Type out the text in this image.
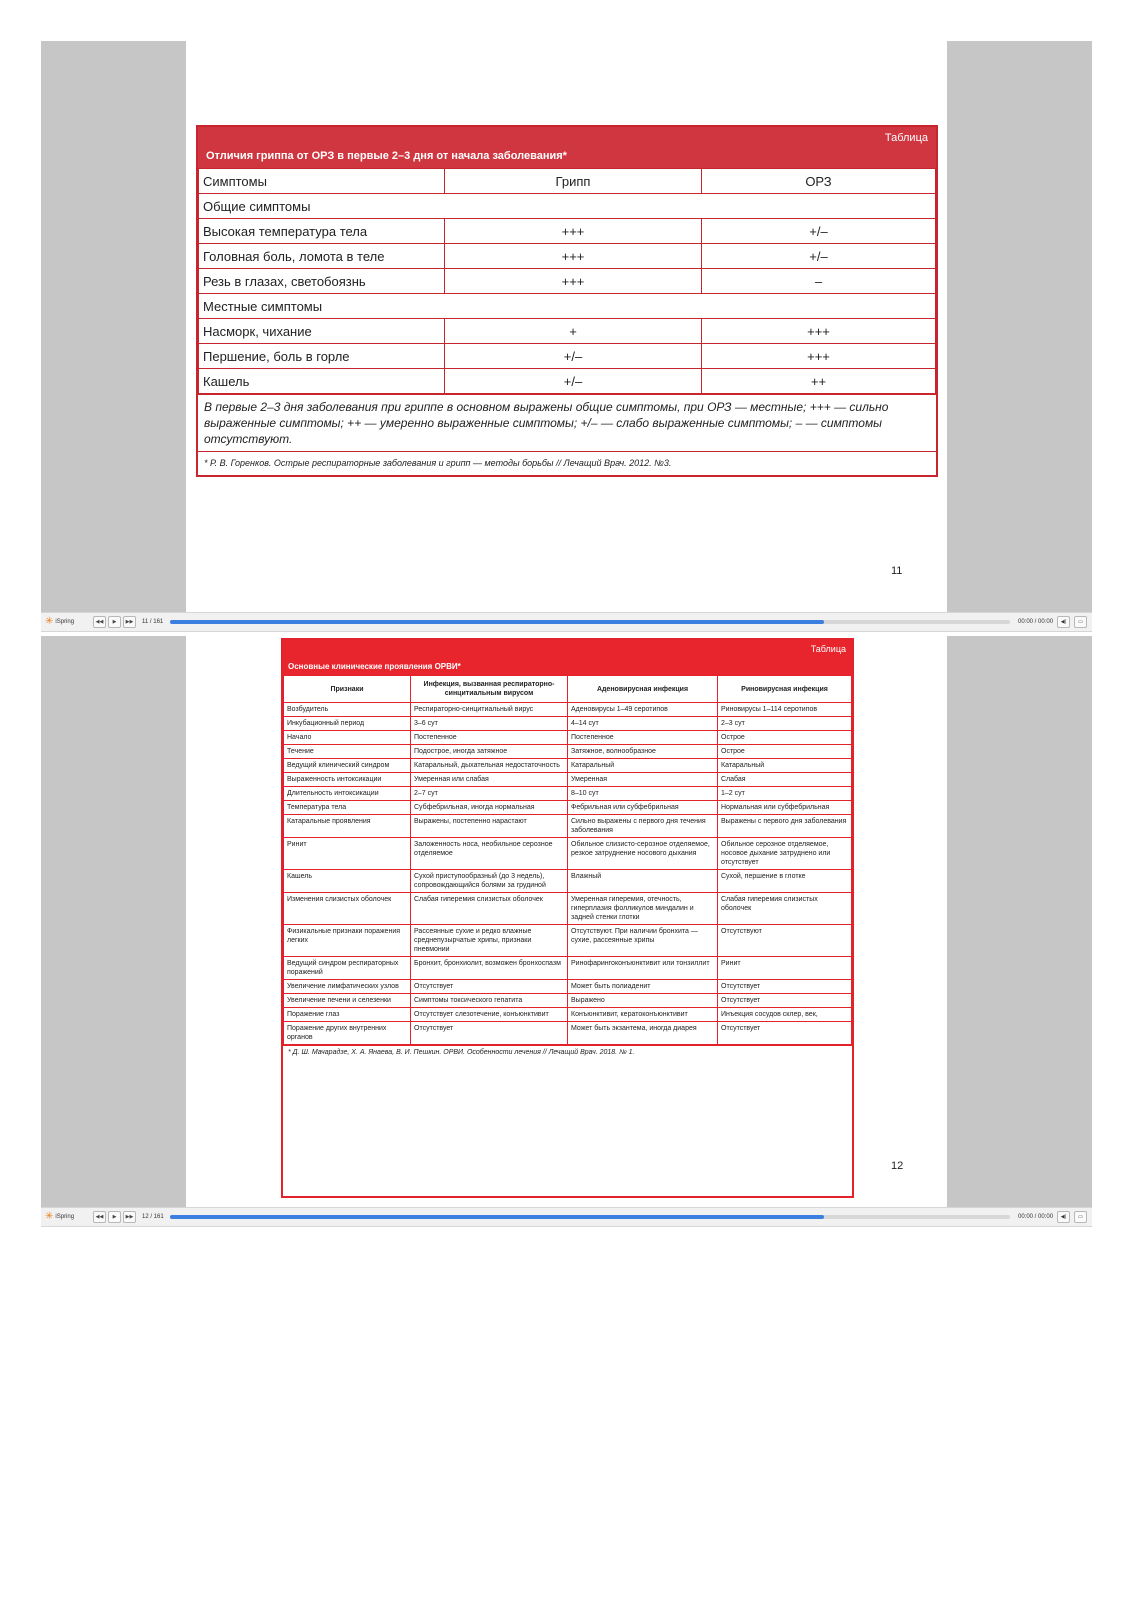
11
Таблица
Отличия гриппа от ОРЗ в первые 2–3 дня от начала заболевания*
Симптомы	Грипп	ОРЗ
Общие симптомы		
Высокая температура тела	+++	+/–
Головная боль, ломота в теле	+++	+/–
Резь в глазах, светобоязнь	+++	–
Местные симптомы		
Насморк, чихание	+	+++
Першение, боль в горле	+/–	+++
Кашель	+/–	++
В первые 2–3 дня заболевания при гриппе в основном выражены общие симптомы, при ОРЗ — местные; +++ — сильно выраженные симптомы; ++ — умеренно выраженные симптомы; +/– — слабо выраженные симптомы; – — симптомы отсутствуют.
* Р. В. Горенков. Острые респираторные заболевания и грипп — методы борьбы // Лечащий Врач. 2012. №3.
✳ iSpring	◀◀	▶	▶▶	11 / 161	00:00 / 00:00	◀)	▭
12
Таблица
Основные клинические проявления ОРВИ*
Признаки	Инфекция, вызванная респираторно-синцитиальным вирусом	Аденовирусная инфекция	Риновирусная инфекция
Возбудитель	Респираторно-синцитиальный вирус	Аденовирусы 1–49 серотипов	Риновирусы 1–114 серотипов
Инкубационный период	3–6 сут	4–14 сут	2–3 сут
Начало	Постепенное	Постепенное	Острое
Течение	Подострое, иногда затяжное	Затяжное, волнообразное	Острое
Ведущий клинический синдром	Катаральный, дыхательная недостаточность	Катаральный	Катаральный
Выраженность интоксикации	Умеренная или слабая	Умеренная	Слабая
Длительность интоксикации	2–7 сут	8–10 сут	1–2 сут
Температура тела	Субфебрильная, иногда нормальная	Фебрильная или субфебрильная	Нормальная или субфебрильная
Катаральные проявления	Выражены, постепенно нарастают	Сильно выражены с первого дня течения заболевания	Выражены с первого дня заболевания
Ринит	Заложенность носа, необильное серозное отделяемое	Обильное слизисто-серозное отделяемое, резкое затруднение носового дыхания	Обильное серозное отделяемое, носовое дыхание затруднено или отсутствует
Кашель	Сухой приступообразный (до 3 недель), сопровождающийся болями за грудиной	Влажный	Сухой, першение в глотке
Изменения слизистых оболочек	Слабая гиперемия слизистых оболочек	Умеренная гиперемия, отечность, гиперплазия фолликулов миндалин и задней стенки глотки	Слабая гиперемия слизистых оболочек
Физикальные признаки поражения легких	Рассеянные сухие и редко влажные среднепузырчатые хрипы, признаки пневмонии	Отсутствуют. При наличии бронхита — сухие, рассеянные хрипы	Отсутствуют
Ведущий синдром респираторных поражений	Бронхит, бронхиолит, возможен бронхоспазм	Ринофарингоконъюнктивит или тонзиллит	Ринит
Увеличение лимфатических узлов	Отсутствует	Может быть полиаденит	Отсутствует
Увеличение печени и селезенки	Симптомы токсического гепатита	Выражено	Отсутствует
Поражение глаз	Отсутствует слезотечение, конъюнктивит	Конъюнктивит, кератоконъюнктивит	Инъекция сосудов склер, век,
Поражение других внутренних органов	Отсутствует	Может быть экзантема, иногда диарея	Отсутствует
* Д. Ш. Мачарадзе, Х. А. Янаева, В. И. Пешкин. ОРВИ. Особенности лечения // Лечащий Врач. 2018. № 1.
✳ iSpring	◀◀	▶	▶▶	12 / 161	00:00 / 00:00	◀)	▭
